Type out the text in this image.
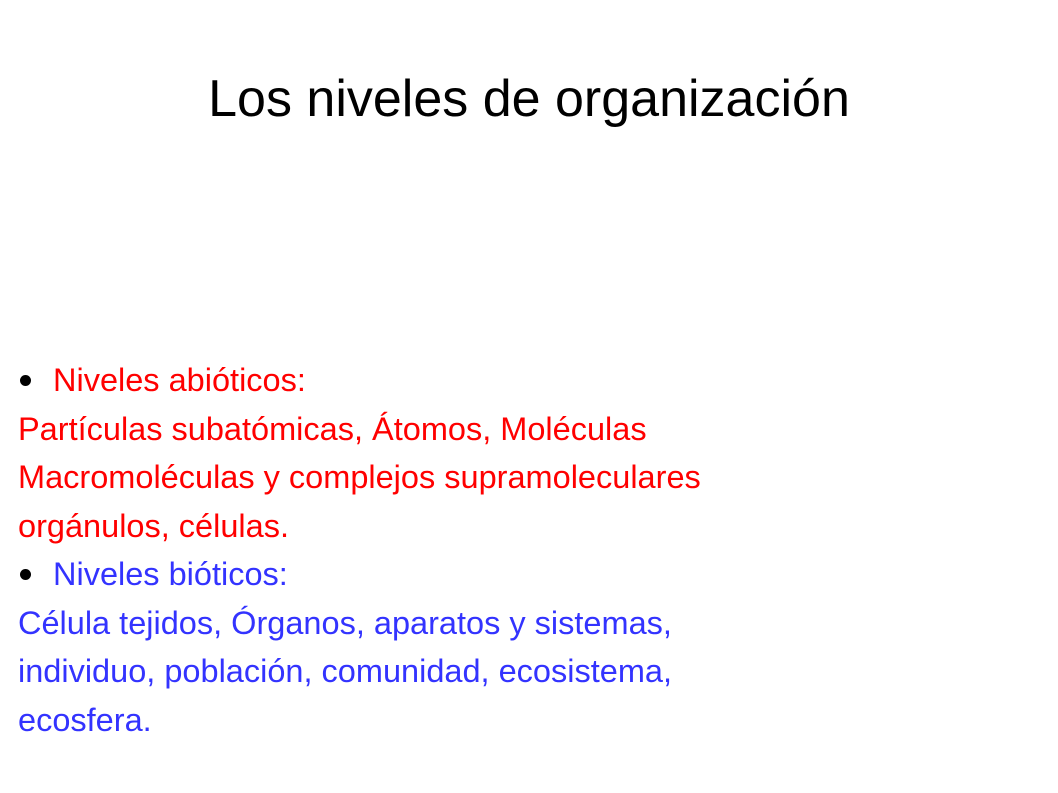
Los niveles de organización
Niveles abióticos:
Partículas subatómicas, Átomos, Moléculas
Macromoléculas y complejos supramoleculares
orgánulos, células.
Niveles bióticos:
Célula tejidos, Órganos, aparatos y sistemas,
individuo, población, comunidad, ecosistema,
ecosfera.
